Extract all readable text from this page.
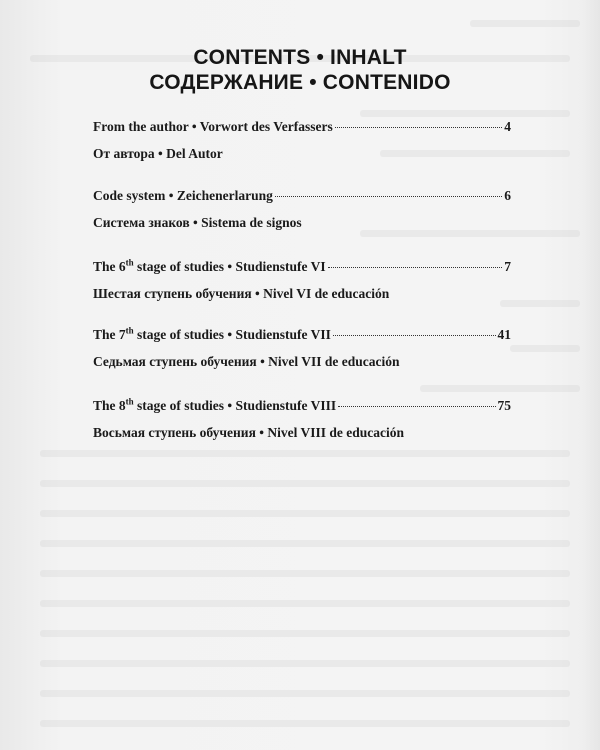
CONTENTS • INHALT
СОДЕРЖАНИЕ • CONTENIDO
From the author • Vorwort des Verfassers	4
От автора • Del Autor
Code system • Zeichenerlarung	6
Система знаков • Sistema de signos
The 6th stage of studies • Studienstufe VI	7
Шестая ступень обучения • Nivel VI de educación
The 7th stage of studies • Studienstufe VII	41
Седьмая ступень обучения • Nivel VII de educación
The 8th stage of studies • Studienstufe VIII	75
Восьмая ступень обучения • Nivel VIII de educación
